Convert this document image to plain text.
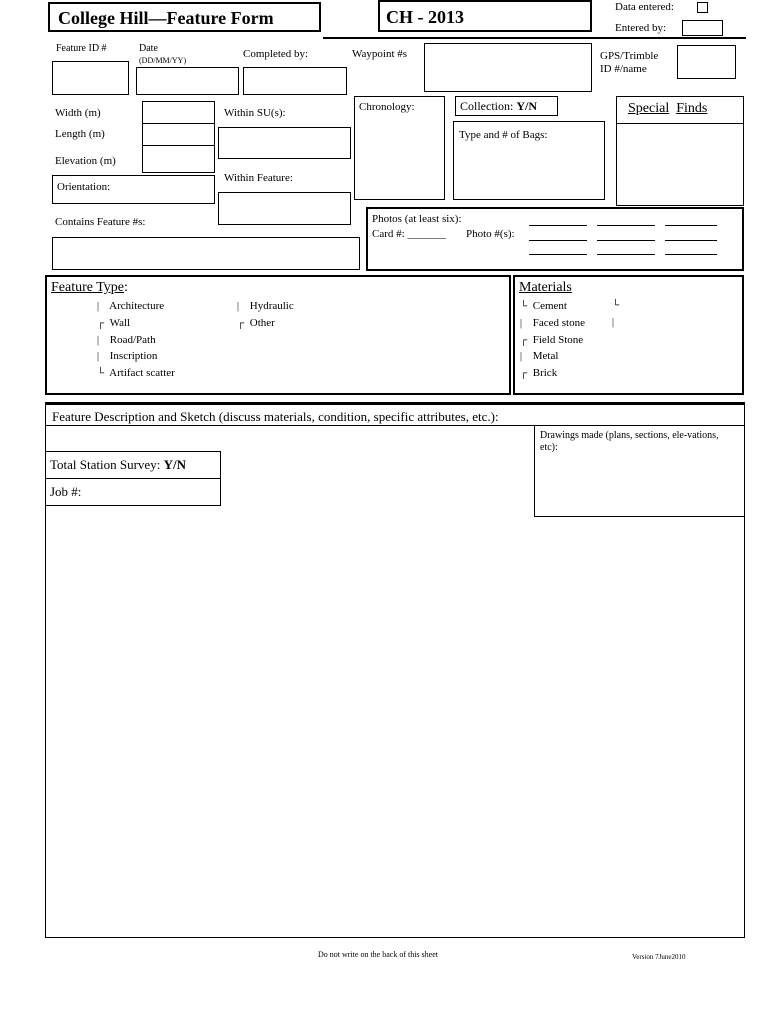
College Hill—Feature Form	CH - 2013	Data entered:
Entered by:
Feature ID #	Date
(DD/MM/YY)
Completed by:	Waypoint #s	GPS/Trimble
ID #/name
Width (m)
Length (m)
Elevation (m)
Orientation:
Contains Feature #s:
Within SU(s):
Within Feature:
Chronology:	Collection: Y/N
Type and # of Bags:
Special Finds
Photos (at least six):
Card #: _______ Photo #(s):
Feature Type:
| Architecture
┌ Wall
| Road/Path
| Inscription
└ Artifact scatter
| Hydraulic
┌ Other
Materials
└ Cement
| Faced stone
┌ Field Stone
| Metal
┌ Brick
└
|
Feature Description and Sketch (discuss materials, condition, specific attributes, etc.):
Drawings made (plans, sections, ele-vations, etc):
Total Station Survey: Y/N
Job #:
Do not write on the back of this sheet	Version 7June2010
